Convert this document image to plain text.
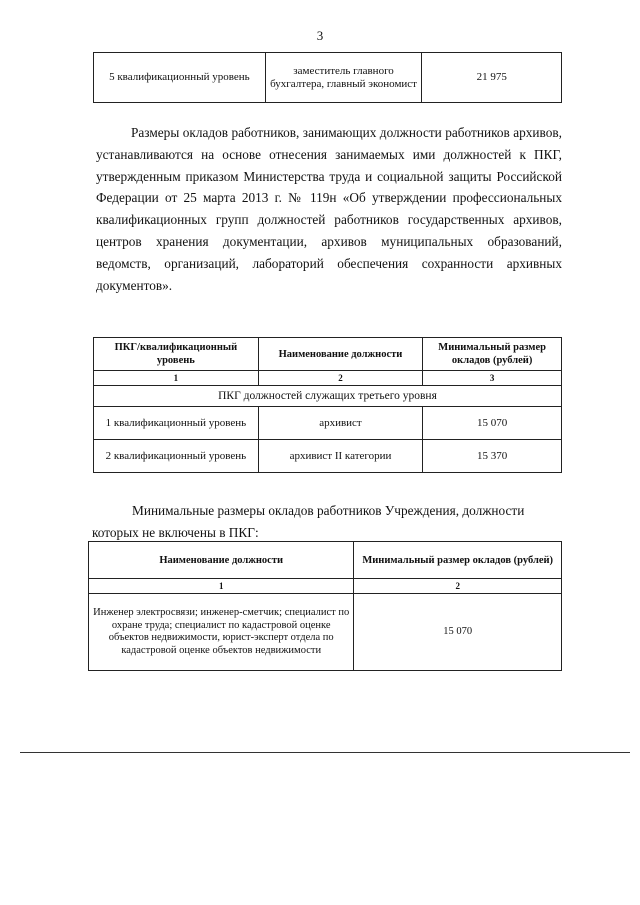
3
5 квалификационный уровень	заместитель главного бухгалтера, главный экономист	21 975

Размеры окладов работников, занимающих должности работников архивов, устанавливаются на основе отнесения занимаемых ими должностей к ПКГ, утвержденным приказом Министерства труда и социальной защиты Российской Федерации от 25 марта 2013 г. № 119н «Об утверждении профессиональных квалификационных групп должностей работников государственных архивов, центров хранения документации, архивов муниципальных образований, ведомств, организаций, лабораторий обеспечения сохранности архивных документов».

ПКГ/квалификационный уровень	Наименование должности	Минимальный размер окладов (рублей)
1	2	3
ПКГ должностей служащих третьего уровня		
1 квалификационный уровень	архивист	15 070
2 квалификационный уровень	архивист II категории	15 370

Минимальные размеры окладов работников Учреждения, должности которых не включены в ПКГ:

Наименование должности	Минимальный размер окладов (рублей)
1	2
Инженер электросвязи; инженер-сметчик; специалист по охране труда; специалист по кадастровой оценке объектов недвижимости, юрист-эксперт отдела по кадастровой оценке объектов недвижимости	15 070
